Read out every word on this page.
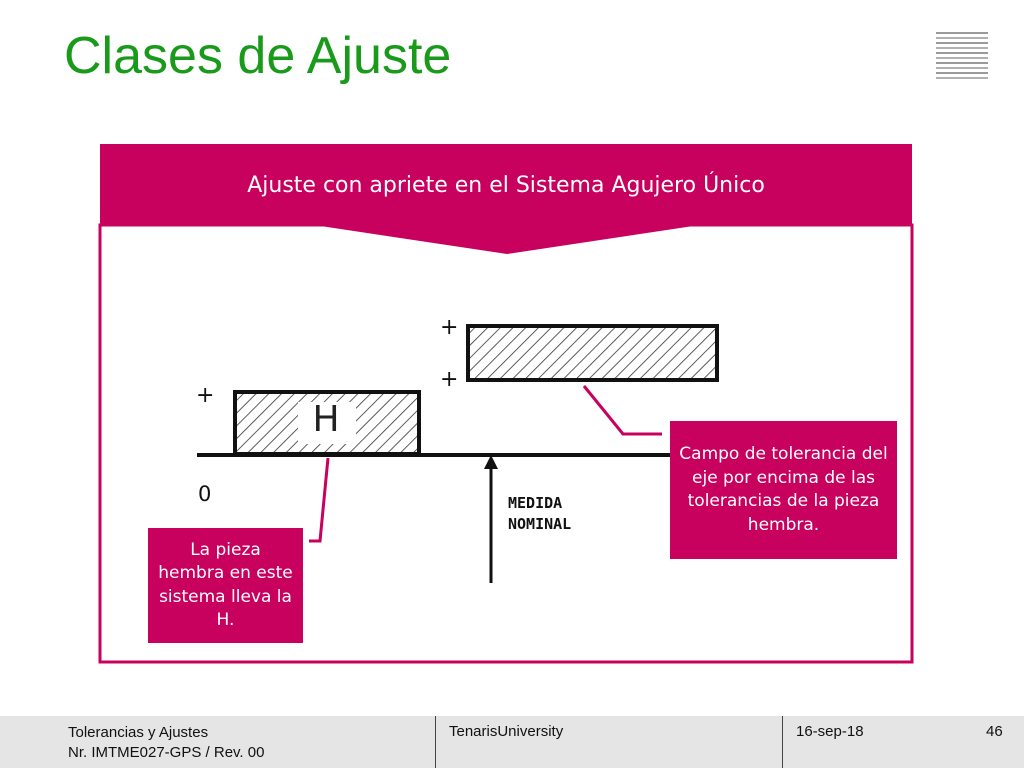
Clases de Ajuste
Ajuste con apriete en el Sistema Agujero Único
+
+
+
0
H
MEDIDA
NOMINAL
La pieza hembra en este sistema lleva la H.
Campo de tolerancia del eje por encima de las tolerancias de la pieza hembra.
Tolerancias y Ajustes
Nr. IMTME027-GPS / Rev. 00
TenarisUniversity	16-sep-18	46
